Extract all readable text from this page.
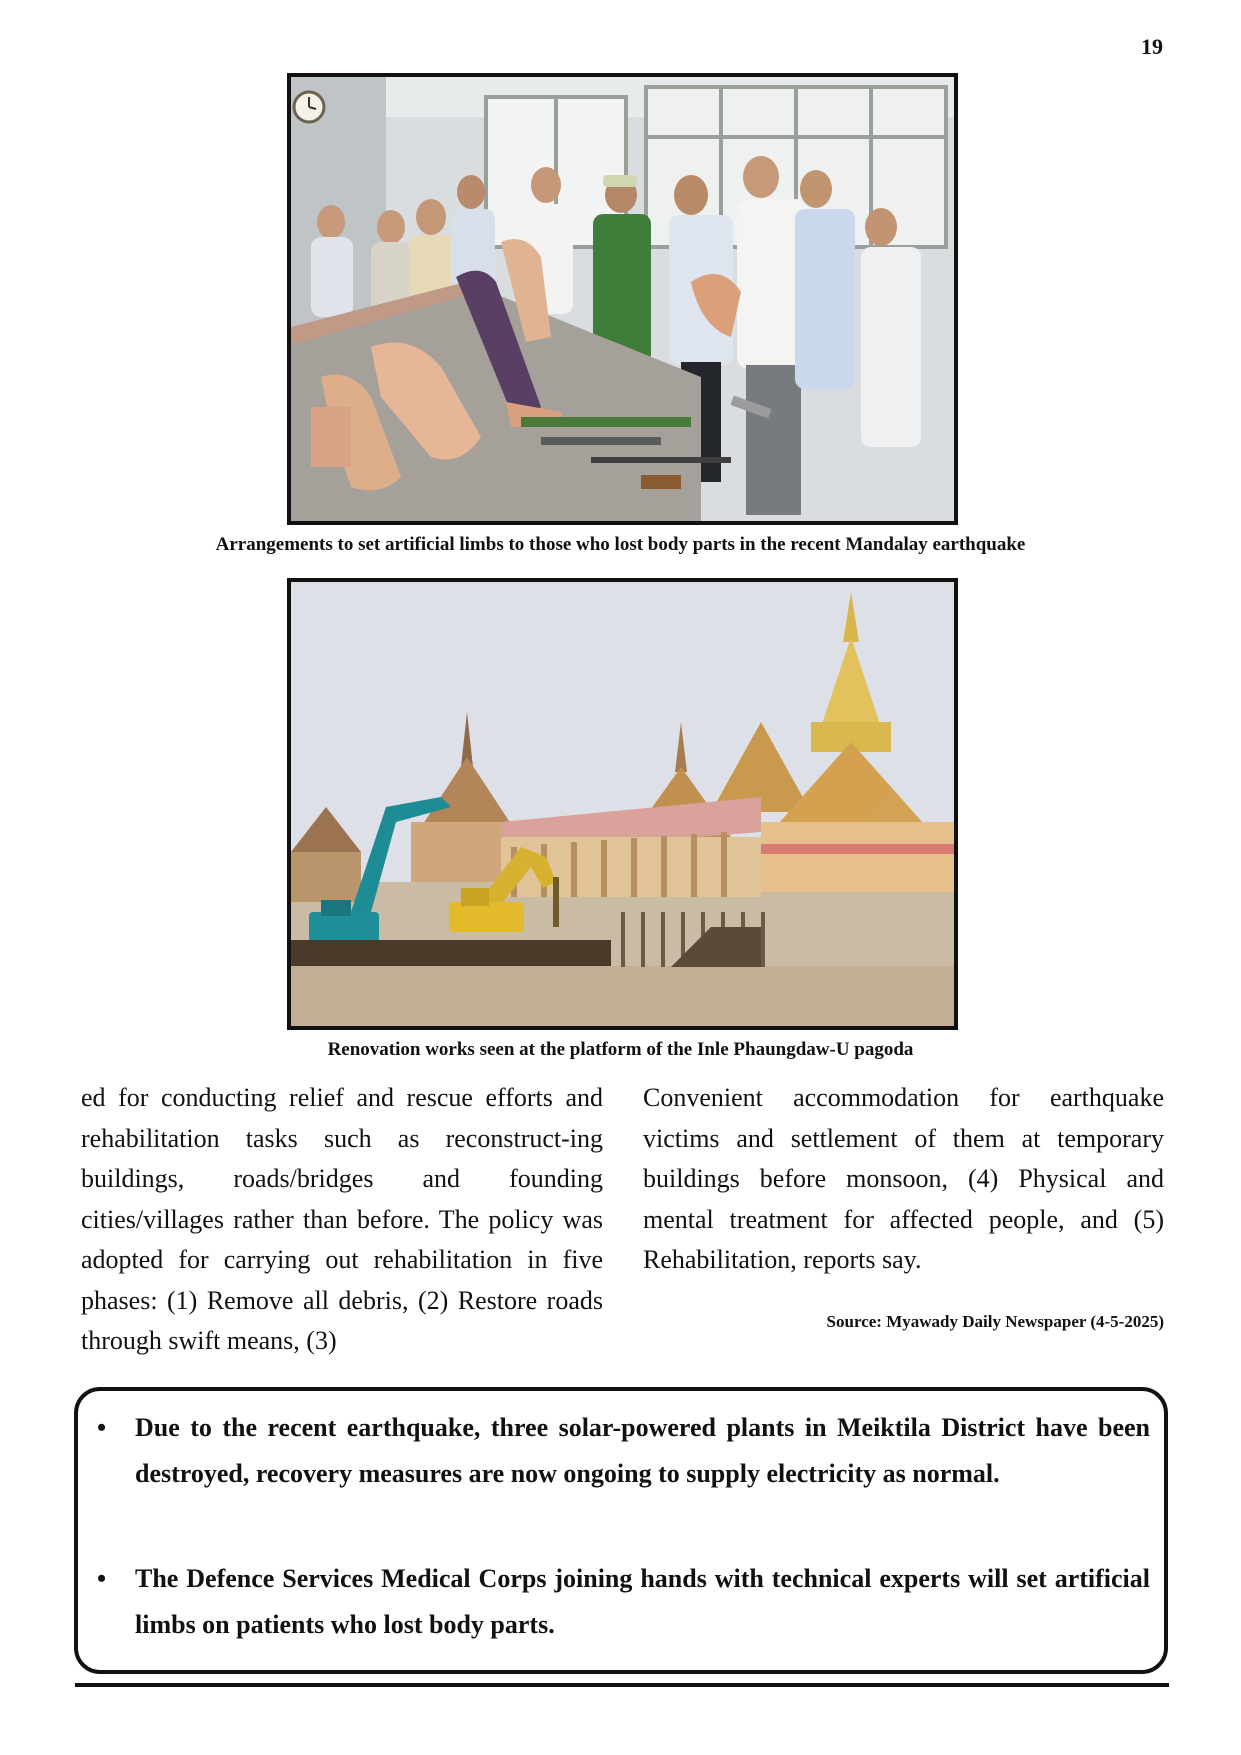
19
Arrangements to set artificial limbs to those who lost body parts in the recent Mandalay earthquake
Renovation works seen at the platform of the Inle Phaungdaw-U pagoda
ed for conducting relief and rescue efforts and rehabilitation tasks such as reconstruct-ing buildings, roads/bridges and founding cities/villages rather than before. The policy was adopted for carrying out rehabilitation in five phases: (1) Remove all debris, (2) Restore roads through swift means, (3)
Convenient accommodation for earthquake victims and settlement of them at temporary buildings before monsoon, (4) Physical and mental treatment for affected people, and (5) Rehabilitation, reports say.
Source: Myawady Daily Newspaper (4-5-2025)
• Due to the recent earthquake, three solar-powered plants in Meiktila District have been destroyed, recovery measures are now ongoing to supply electricity as normal.
• The Defence Services Medical Corps joining hands with technical experts will set artificial limbs on patients who lost body parts.
